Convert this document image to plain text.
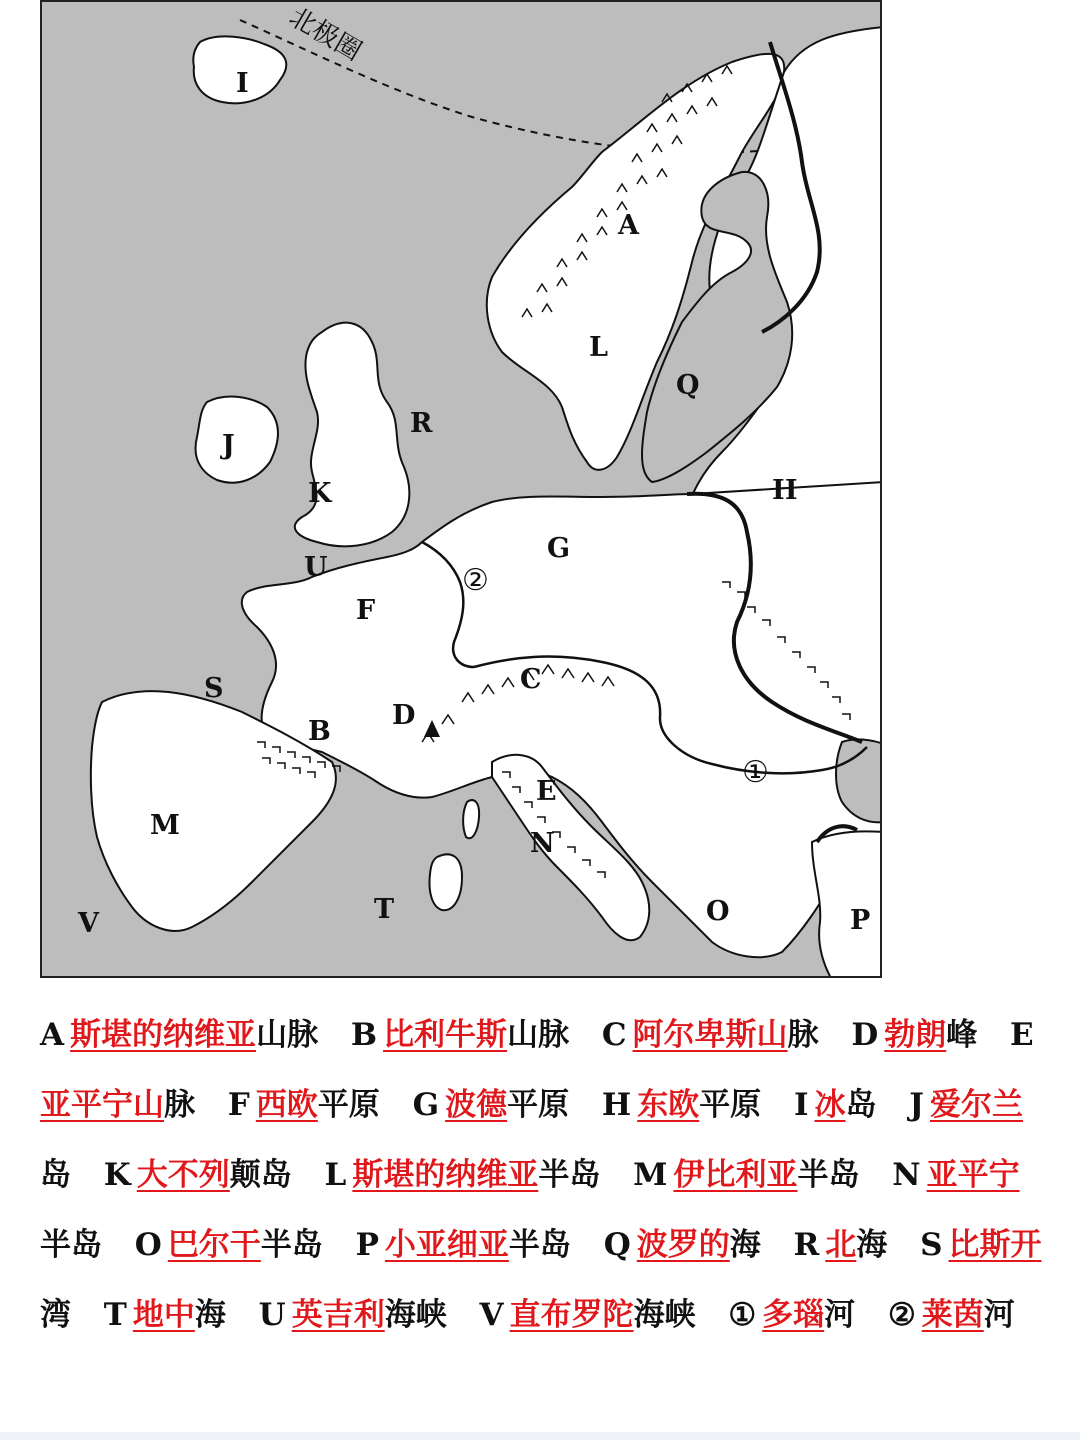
北极圈
A
B
C
D
E
F
G
H
I
J
K
L
M
N
O	P
Q
R
S
T
U
V
①
②
A 斯堪的纳维亚山脉 B 比利牛斯山脉 C 阿尔卑斯山脉 D 勃朗峰 E亚平宁山脉 F 西欧平原 G 波德平原 H 东欧平原 I 冰岛 J 爱尔兰岛 K 大不列颠岛 L 斯堪的纳维亚半岛 M 伊比利亚半岛 N 亚平宁半岛 O 巴尔干半岛 P 小亚细亚半岛 Q 波罗的海 R 北海 S 比斯开湾 T 地中海 U 英吉利海峡 V 直布罗陀海峡 ① 多瑙河 ② 莱茵河
